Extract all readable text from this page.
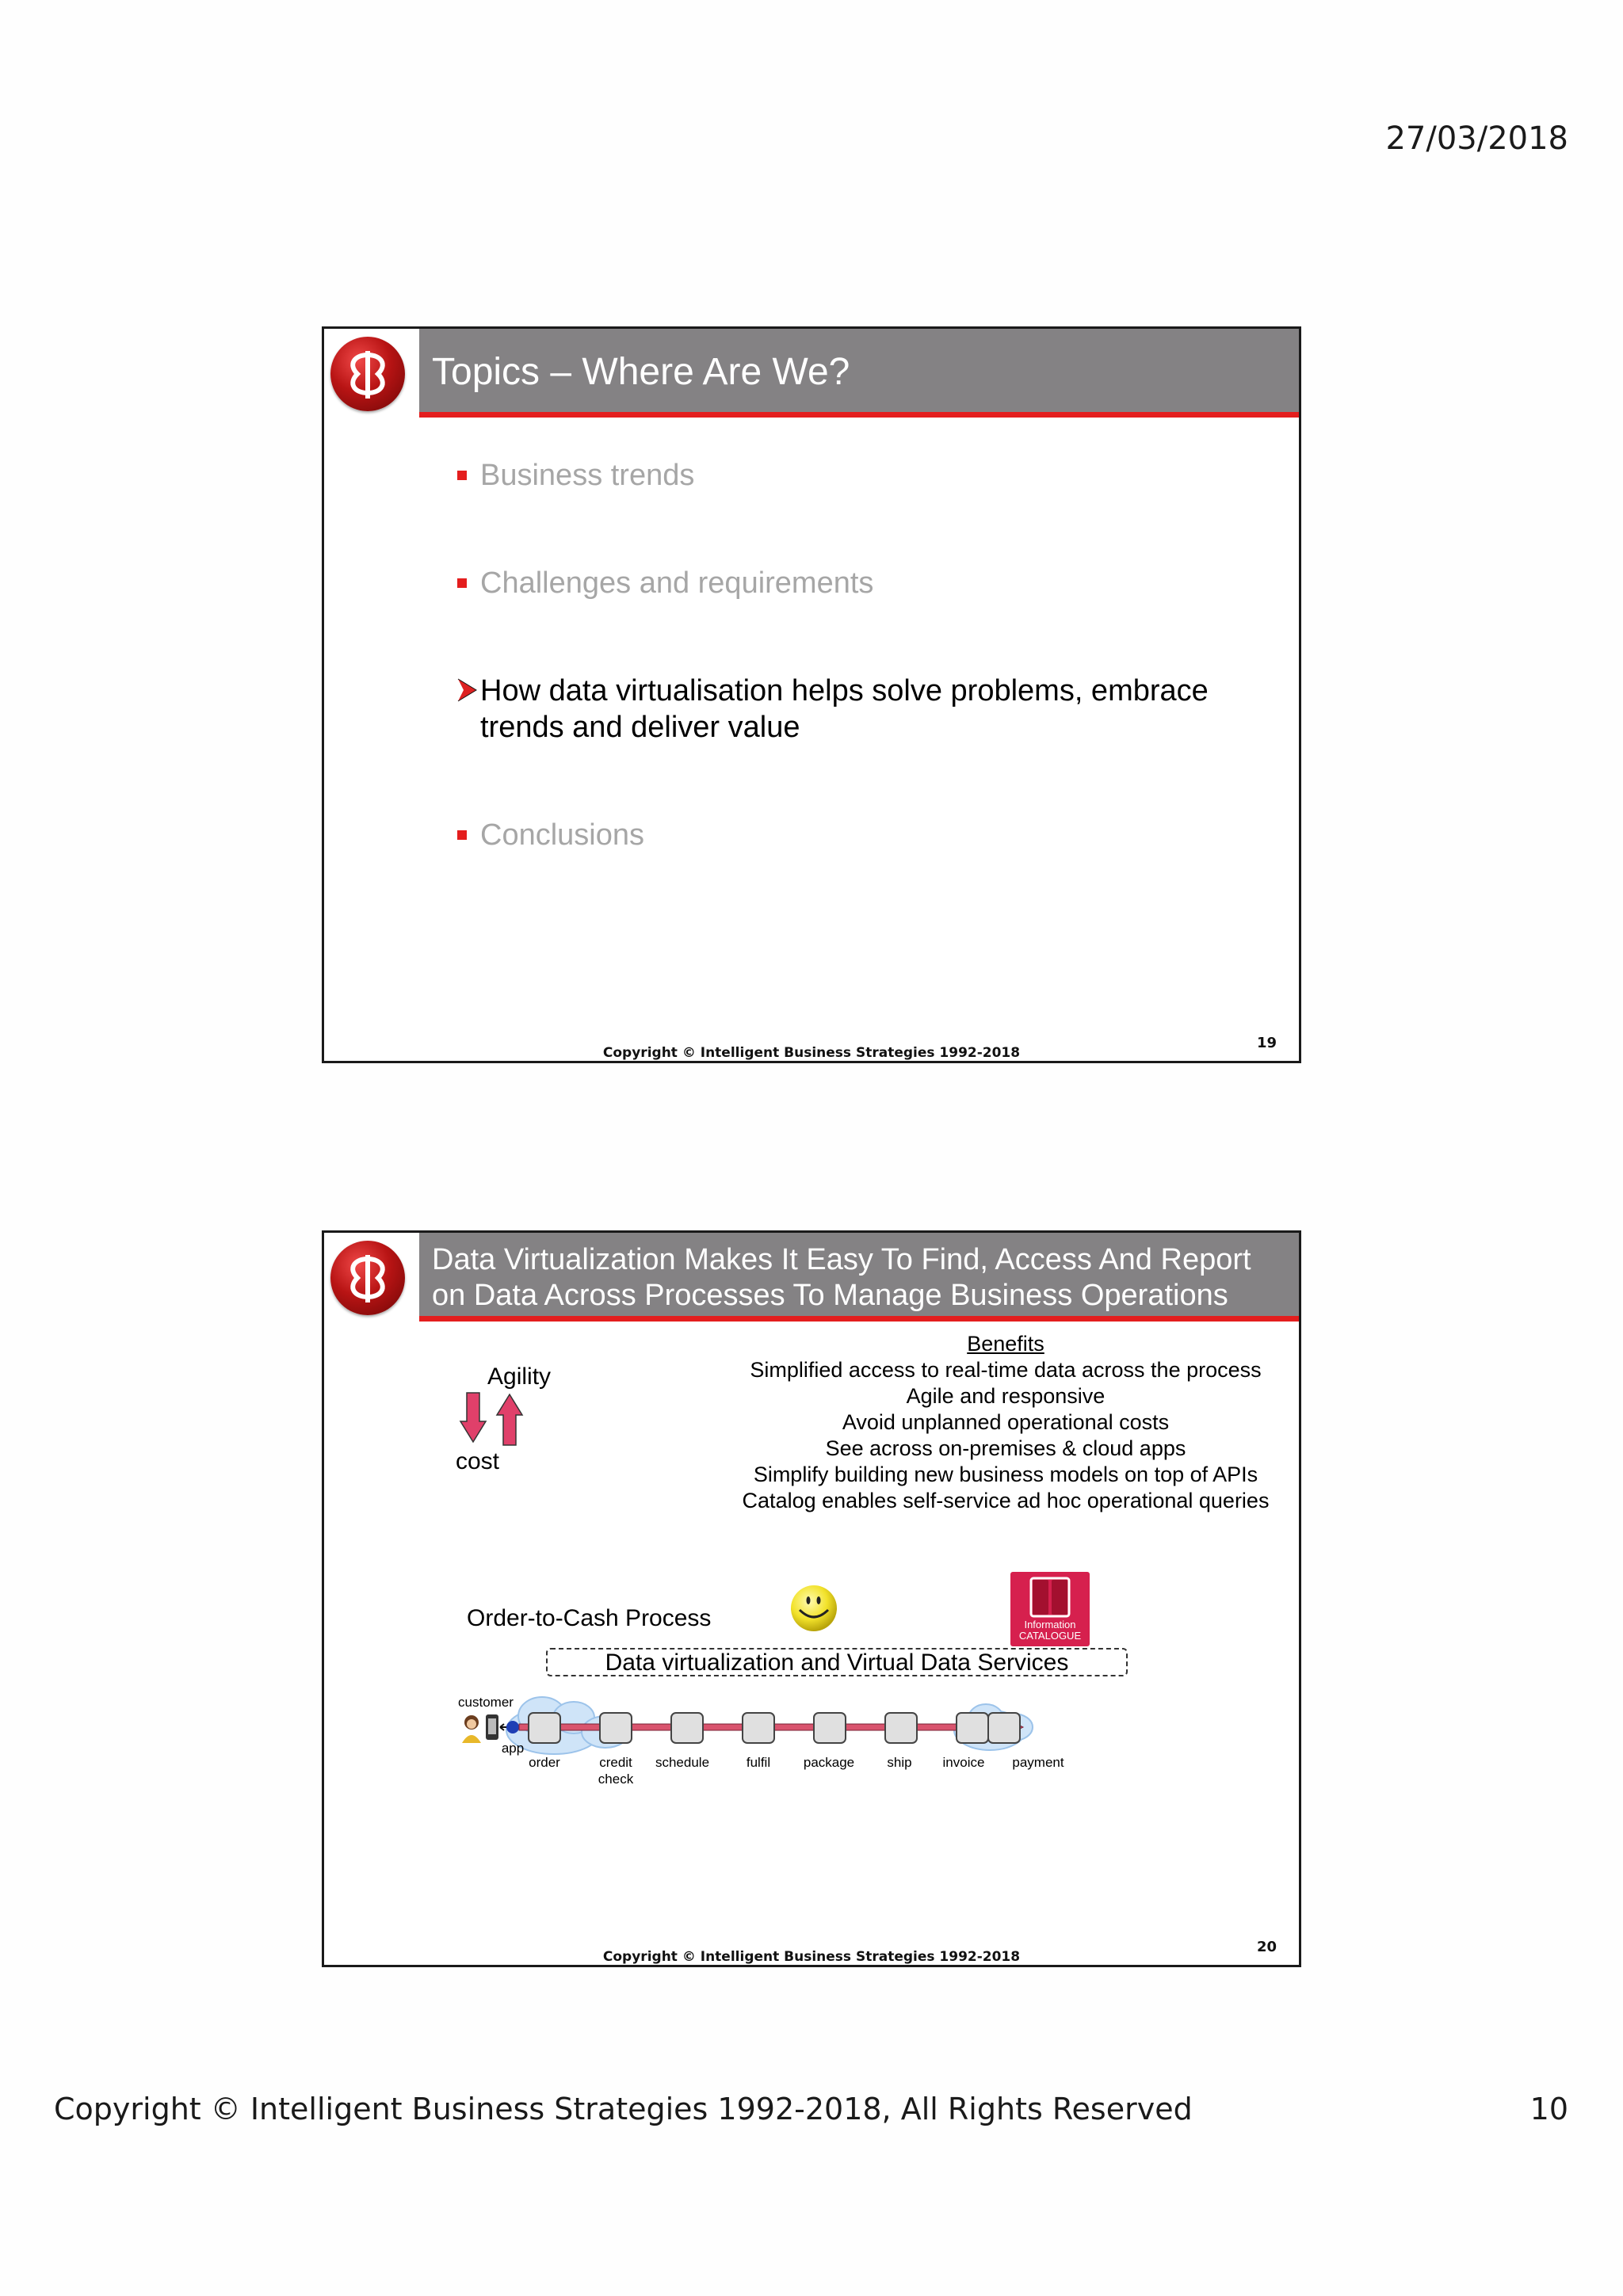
27/03/2018
Topics – Where Are We?
Business trends
Challenges and requirements
How data virtualisation helps solve problems, embrace trends and deliver value
Conclusions
Copyright © Intelligent Business Strategies 1992-2018
19
Data Virtualization Makes It Easy To Find, Access And Report
on Data Across Processes To Manage Business Operations
Agility
cost
Benefits
Simplified access to real-time data across the process
Agile and responsive
Avoid unplanned operational costs
See across on-premises & cloud apps
Simplify building new business models on top of APIs
Catalog enables self-service ad hoc operational queries
Order-to-Cash Process	Information
CATALOGUE
Data virtualization and Virtual Data Services
customer
app
order	credit
check
schedule	fulfil	package	ship	invoice	payment
Copyright © Intelligent Business Strategies 1992-2018
20
Copyright © Intelligent Business Strategies 1992-2018, All Rights Reserved	10
